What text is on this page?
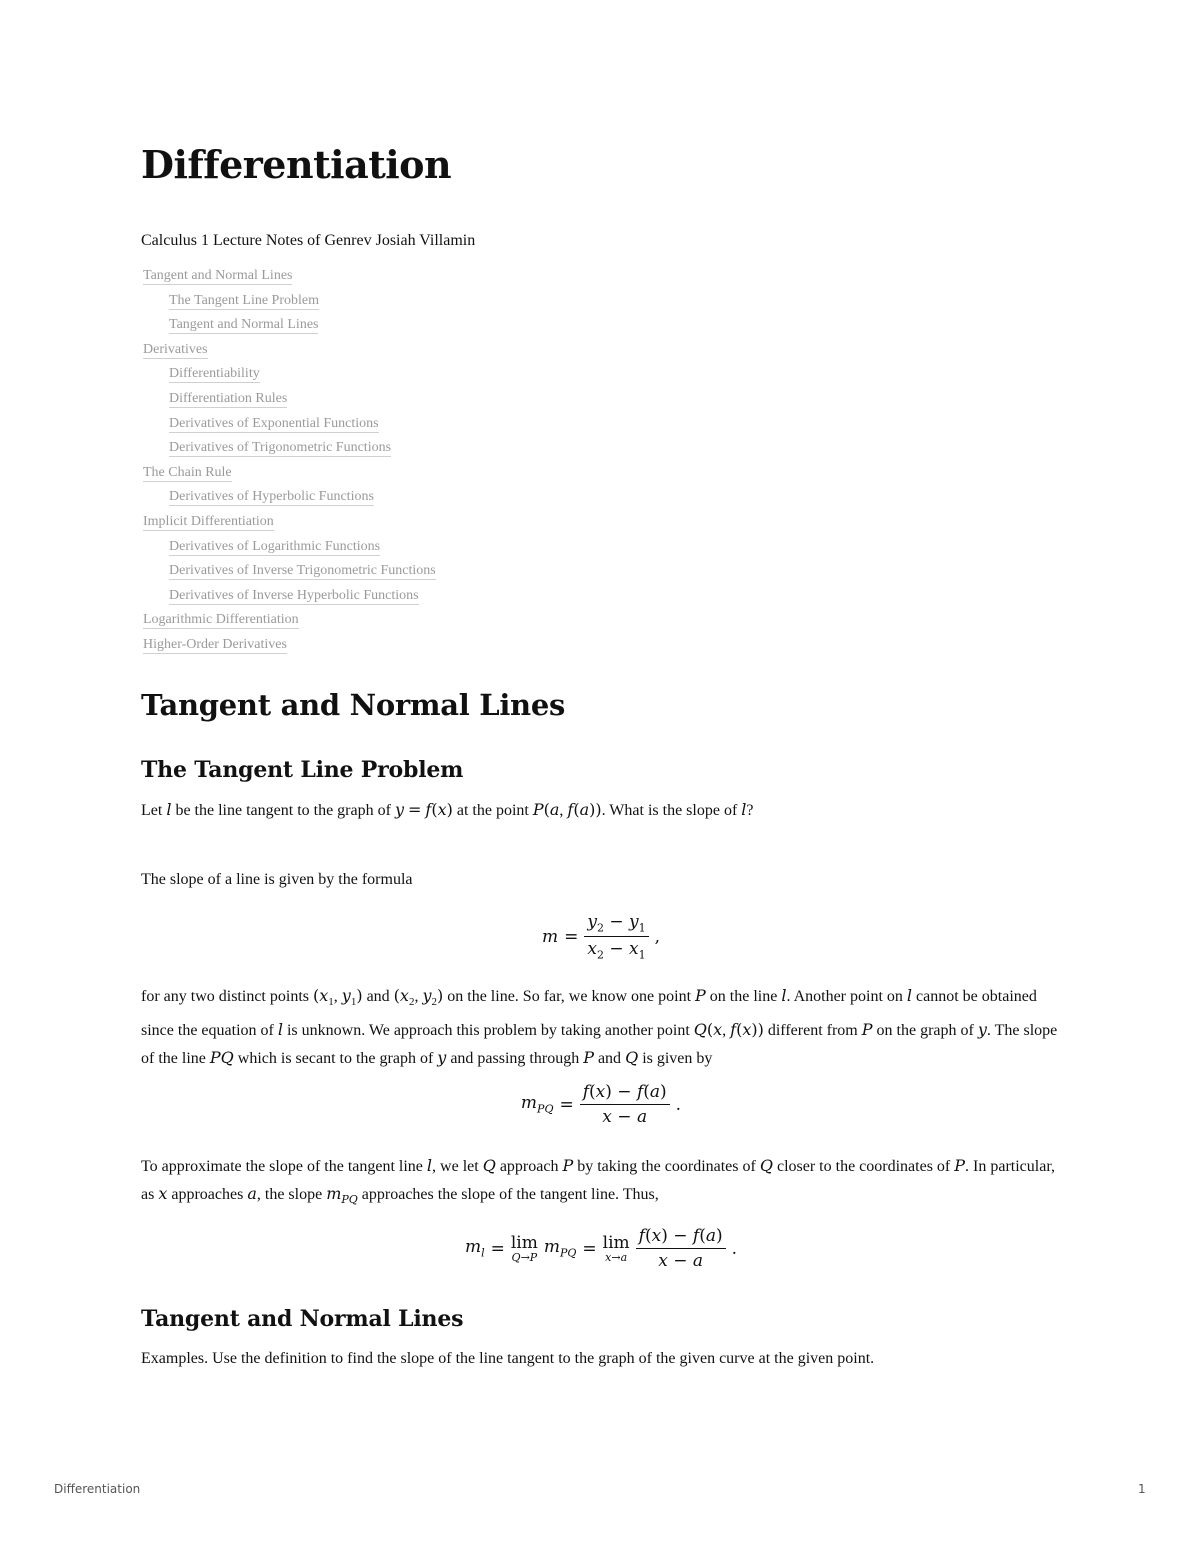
Differentiation
Calculus 1 Lecture Notes of Genrev Josiah Villamin
Tangent and Normal Lines
The Tangent Line Problem
Tangent and Normal Lines
Derivatives
Differentiability
Differentiation Rules
Derivatives of Exponential Functions
Derivatives of Trigonometric Functions
The Chain Rule
Derivatives of Hyperbolic Functions
Implicit Differentiation
Derivatives of Logarithmic Functions
Derivatives of Inverse Trigonometric Functions
Derivatives of Inverse Hyperbolic Functions
Logarithmic Differentiation
Higher-Order Derivatives
Tangent and Normal Lines
The Tangent Line Problem
Let l be the line tangent to the graph of y = f(x) at the point P(a, f(a)). What is the slope of l?
The slope of a line is given by the formula
$m = \frac{y_2 - y_1}{x_2 - x_1}$ ,
for any two distinct points ($x_1$, $y_1$) and ($x_2$, $y_2$) on the line. So far, we know one point P on the line l. Another point on l cannot be obtained since the equation of l is unknown. We approach this problem by taking another point Q(x, f(x)) different from P on the graph of y. The slope of the line PQ which is secant to the graph of y and passing through P and Q is given by
$m_{PQ} = \frac{f(x) - f(a)}{x - a}$ .
To approximate the slope of the tangent line l, we let Q approach P by taking the coordinates of Q closer to the coordinates of P. In particular, as x approaches a, the slope $m_{PQ}$ approaches the slope of the tangent line. Thus,
$m_l = \lim$
Q→P
$m_{PQ} = \lim$
$x\to a \frac{f(x) - f(a)}{x - a}$ .
Tangent and Normal Lines
Examples. Use the definition to find the slope of the line tangent to the graph of the given curve at the given point.
Differentiation	1
